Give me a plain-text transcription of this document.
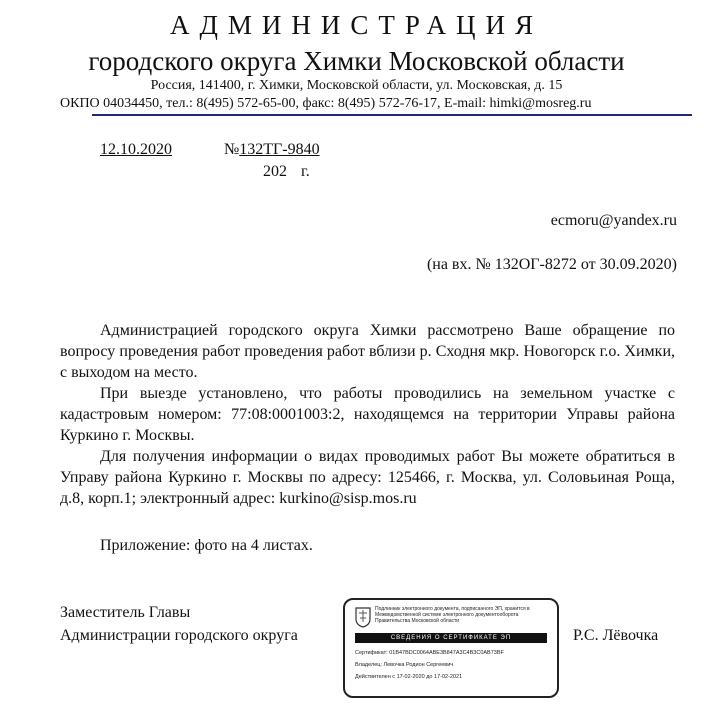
АДМИНИСТРАЦИЯ
городского округа Химки Московской области
Россия, 141400, г. Химки, Московской области, ул. Московская, д. 15
ОКПО 04034450, тел.: 8(495) 572-65-00, факс: 8(495) 572-76-17, E-mail: himki@mosreg.ru
12.10.2020	№132ТГ-9840
202 г.
ecmoru@yandex.ru
(на вх. № 132ОГ-8272 от 30.09.2020)

Администрацией городского округа Химки рассмотрено Ваше обращение по вопросу проведения работ проведения работ вблизи р. Сходня мкр. Новогорск г.о. Химки, с выходом на место.

При выезде установлено, что работы проводились на земельном участке с кадастровым номером: 77:08:0001003:2, находящемся на территории Управы района Куркино г. Москвы.

Для получения информации о видах проводимых работ Вы можете обратиться в Управу района Куркино г. Москвы по адресу: 125466, г. Москва, ул. Соловьиная Роща, д.8, корп.1; электронный адрес: kurkino@sisp.mos.ru

Приложение: фото на 4 листах.
Заместитель Главы
Администрации городского округа	Р.С. Лёвочка
Подлинник электронного документа, подписанного ЭП, хранится в Межведомственной системе электронного документооборота Правительства Московской области
СВЕДЕНИЯ О СЕРТИФИКАТЕ ЭП
Сертификат: 01B47BDC0064ABE3B847A3C4B3C0AB73BF
Владелец: Левочка Родион Сергеевич
Действителен с 17-02-2020 до 17-02-2021
